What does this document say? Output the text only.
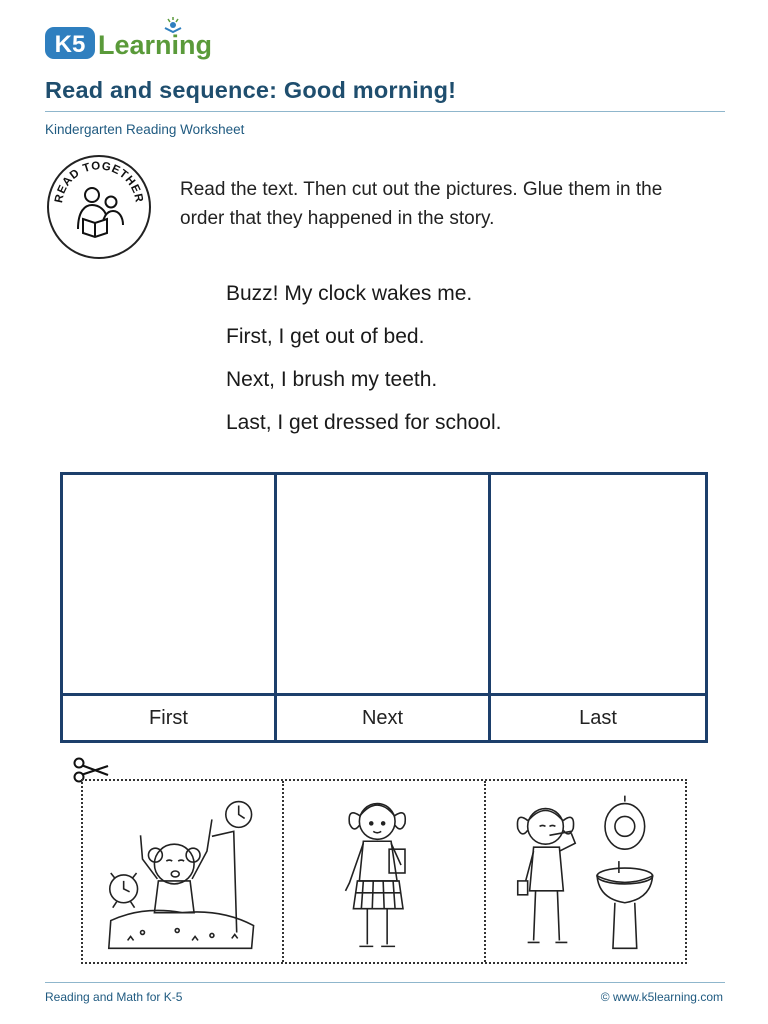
K5 Learning
Read and sequence: Good morning!
Kindergarten Reading Worksheet
READ TOGETHER Read the text. Then cut out the pictures. Glue them in the order that they happened in the story.
Buzz! My clock wakes me.
First, I get out of bed.
Next, I brush my teeth.
Last, I get dressed for school.
First	Next	Last
Reading and Math for K-5	© www.k5learning.com
